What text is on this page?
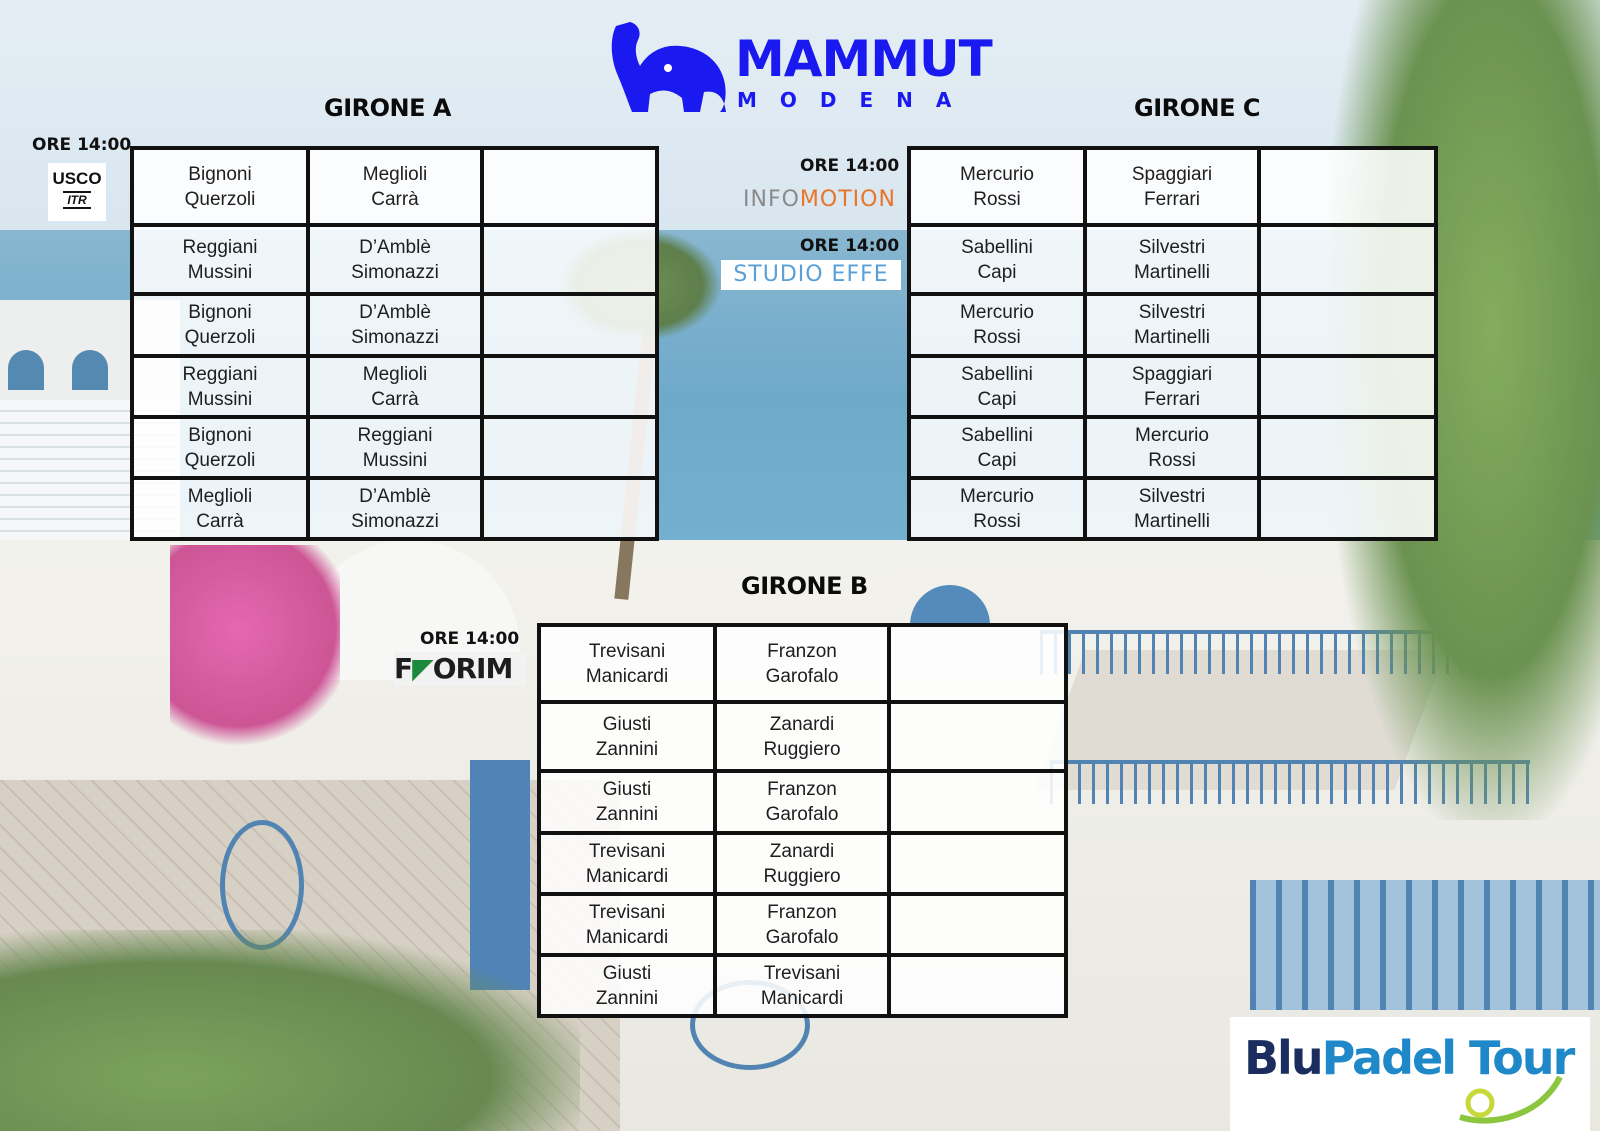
MAMMUT
MODENA
GIRONE A
ORE 14:00
USCO
ITR
Bignoni
Querzoli	Meglioli
Carrà	

Reggiani
Mussini	D’Amblè
Simonazzi	

Bignoni
Querzoli	D’Amblè
Simonazzi	

Reggiani
Mussini	Meglioli
Carrà	

Bignoni
Querzoli	Reggiani
Mussini	

Meglioli
Carrà	D’Amblè
Simonazzi	

GIRONE C
ORE 14:00
INFOMOTION
ORE 14:00
STUDIO EFFE
Mercurio
Rossi	Spaggiari
Ferrari	

Sabellini
Capi	Silvestri
Martinelli	

Mercurio
Rossi	Silvestri
Martinelli	

Sabellini
Capi	Spaggiari
Ferrari	

Sabellini
Capi	Mercurio
Rossi	

Mercurio
Rossi	Silvestri
Martinelli	

GIRONE B
ORE 14:00
F◤ORIM
Trevisani
Manicardi	Franzon
Garofalo	

Giusti
Zannini	Zanardi
Ruggiero	

Giusti
Zannini	Franzon
Garofalo	

Trevisani
Manicardi	Zanardi
Ruggiero	

Trevisani
Manicardi	Franzon
Garofalo	

Giusti
Zannini	Trevisani
Manicardi	

BluPadel Tour
